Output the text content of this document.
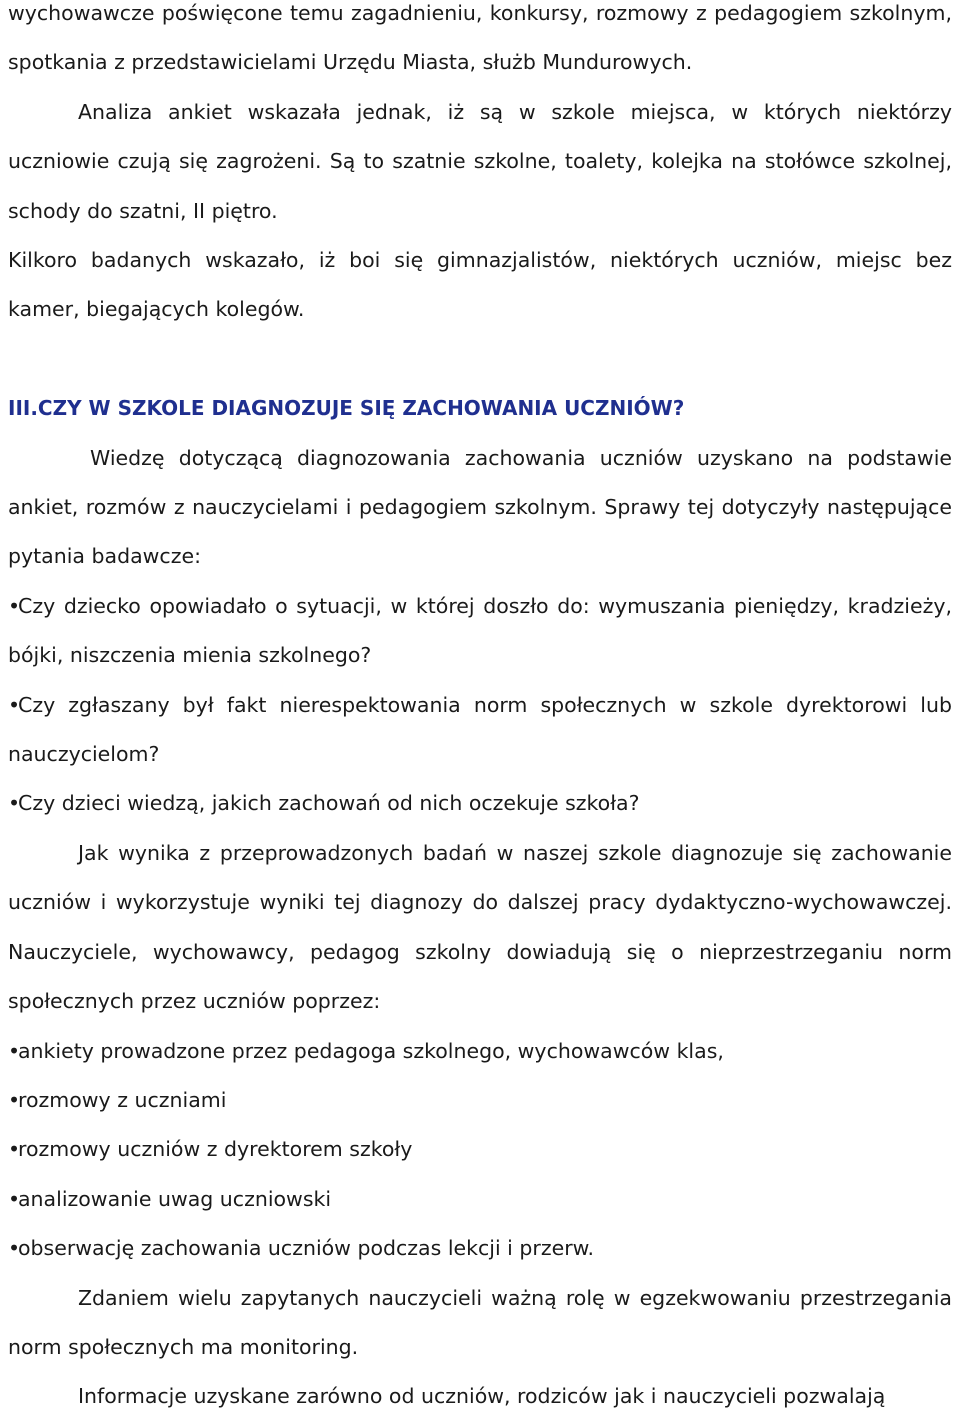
wychowawcze poświęcone temu zagadnieniu, konkursy, rozmowy z pedagogiem szkolnym, spotkania z przedstawicielami Urzędu Miasta, służb Mundurowych.

Analiza ankiet wskazała jednak, iż są w szkole miejsca, w których niektórzy uczniowie czują się zagrożeni. Są to szatnie szkolne, toalety, kolejka na stołówce szkolnej, schody do szatni, II piętro.

Kilkoro badanych wskazało, iż boi się gimnazjalistów, niektórych uczniów, miejsc bez kamer, biegających kolegów.

III.CZY W SZKOLE DIAGNOZUJE SIĘ ZACHOWANIA UCZNIÓW?

Wiedzę dotyczącą diagnozowania zachowania uczniów uzyskano na podstawie ankiet, rozmów z nauczycielami i pedagogiem szkolnym. Sprawy tej dotyczyły następujące pytania badawcze:

• Czy dziecko opowiadało o sytuacji, w której doszło do: wymuszania pieniędzy, kradzieży, bójki, niszczenia mienia szkolnego?

• Czy zgłaszany był fakt nierespektowania norm społecznych w szkole dyrektorowi lub nauczycielom?

• Czy dzieci wiedzą, jakich zachowań od nich oczekuje szkoła?

Jak wynika z przeprowadzonych badań w naszej szkole diagnozuje się zachowanie uczniów i wykorzystuje wyniki tej diagnozy do dalszej pracy dydaktyczno-wychowawczej. Nauczyciele, wychowawcy, pedagog szkolny dowiadują się o nieprzestrzeganiu norm społecznych przez uczniów poprzez:

• ankiety prowadzone przez pedagoga szkolnego, wychowawców klas,

• rozmowy z uczniami

• rozmowy uczniów z dyrektorem szkoły

• analizowanie uwag uczniowski

• obserwację zachowania uczniów podczas lekcji i przerw.

Zdaniem wielu zapytanych nauczycieli ważną rolę w egzekwowaniu przestrzegania norm społecznych ma monitoring.

Informacje uzyskane zarówno od uczniów, rodziców jak i nauczycieli pozwalają
